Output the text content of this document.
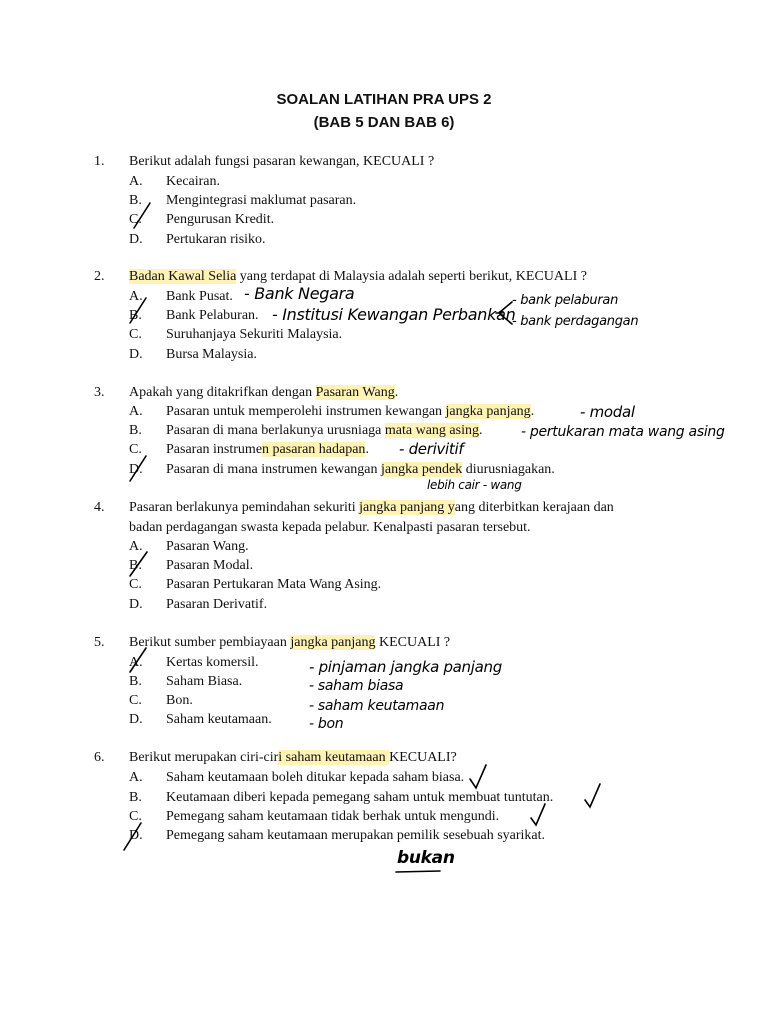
SOALAN LATIHAN PRA UPS 2
(BAB 5 DAN BAB 6)
1. Berikut adalah fungsi pasaran kewangan, KECUALI ?
A. Kecairan.
B. Mengintegrasi maklumat pasaran.
C. Pengurusan Kredit.
D. Pertukaran risiko.
2. Badan Kawal Selia yang terdapat di Malaysia adalah seperti berikut, KECUALI ?
A. Bank Pusat.
B. Bank Pelaburan.
C. Suruhanjaya Sekuriti Malaysia.
D. Bursa Malaysia.
3. Apakah yang ditakrifkan dengan Pasaran Wang.
A. Pasaran untuk memperolehi instrumen kewangan jangka panjang.
B. Pasaran di mana berlakunya urusniaga mata wang asing.
C. Pasaran instrumen pasaran hadapan.
D. Pasaran di mana instrumen kewangan jangka pendek diurusniagakan.
4. Pasaran berlakunya pemindahan sekuriti jangka panjang yang diterbitkan kerajaan dan
badan perdagangan swasta kepada pelabur. Kenalpasti pasaran tersebut.
A. Pasaran Wang.
B. Pasaran Modal.
C. Pasaran Pertukaran Mata Wang Asing.
D. Pasaran Derivatif.
5. Berikut sumber pembiayaan jangka panjang KECUALI ?
A. Kertas komersil.
B. Saham Biasa.
C. Bon.
D. Saham keutamaan.
6. Berikut merupakan ciri-ciri saham keutamaan KECUALI?
A. Saham keutamaan boleh ditukar kepada saham biasa.
B. Keutamaan diberi kepada pemegang saham untuk membuat tuntutan.
C. Pemegang saham keutamaan tidak berhak untuk mengundi.
D. Pemegang saham keutamaan merupakan pemilik sesebuah syarikat.
- Bank Negara
- Institusi Kewangan Perbankan
- bank pelaburan
- bank perdagangan
- modal
- pertukaran mata wang asing
- derivitif
lebih cair - wang
- pinjaman jangka panjang
- saham biasa
- saham keutamaan
- bon
bukan
